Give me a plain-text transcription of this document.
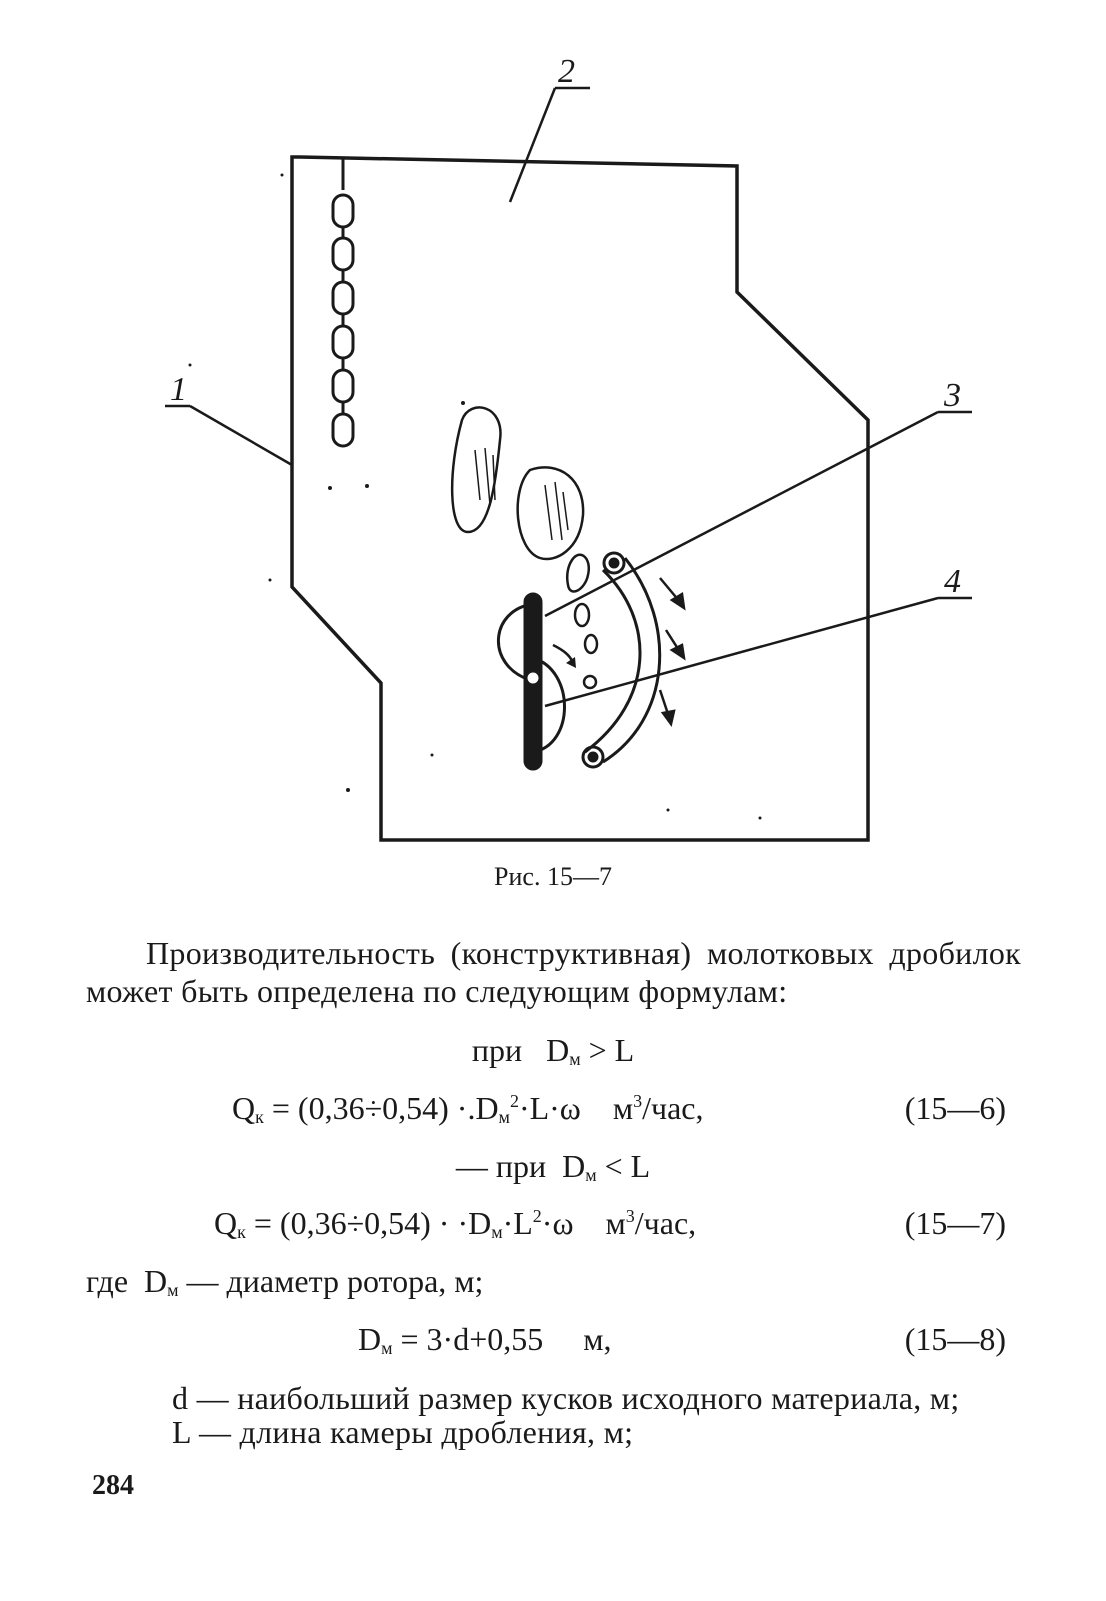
2
1	3
4
Рис. 15—7
Производительность (конструктивная) молотковых дробилок может быть определена по следующим формулам:
при $D_м > L$
$Q_к = (0,36\div 0,54) \cdot.D_м^2\cdot L\cdot\omega$    $м^3$/час,	(15—6)
— при $D_м < L$
$Q_к = (0,36\div 0,54) \cdot \cdot D_м\cdot L^2\cdot\omega$    $м^3$/час,	(15—7)
где  $D_м$ — диаметр ротора, м;
$D_м = 3\cdot d+0,55$     м,	(15—8)
d — наибольший размер кусков исходного материала, м;
L — длина камеры дробления, м;
284
